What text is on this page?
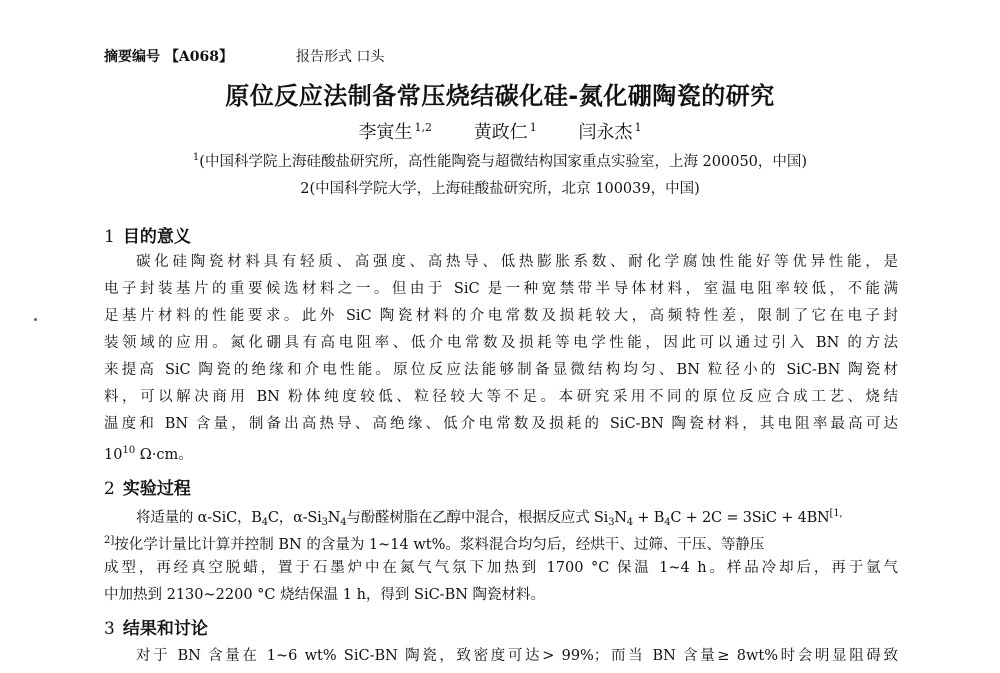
摘要编号 【A068】	报告形式 口头
原位反应法制备常压烧结碳化硅-氮化硼陶瓷的研究
李寅生 $^{1,2}$ 黄政仁 $^1$ 闫永杰 $^1$
$^1$(中国科学院上海硅酸盐研究所，高性能陶瓷与超微结构国家重点实验室，上海 200050，中国)
2(中国科学院大学，上海硅酸盐研究所，北京 100039，中国)
1 目的意义
碳化硅陶瓷材料具有轻质、高强度、高热导、低热膨胀系数、耐化学腐蚀性能好等优异性能，是
电子封装基片的重要候选材料之一。但由于 SiC 是一种宽禁带半导体材料，室温电阻率较低，不能满
足基片材料的性能要求。此外 SiC 陶瓷材料的介电常数及损耗较大，高频特性差，限制了它在电子封
装领域的应用。氮化硼具有高电阻率、低介电常数及损耗等电学性能，因此可以通过引入 BN 的方法
来提高 SiC 陶瓷的绝缘和介电性能。原位反应法能够制备显微结构均匀、BN 粒径小的 SiC-BN 陶瓷材
料，可以解决商用 BN 粉体纯度较低、粒径较大等不足。本研究采用不同的原位反应合成工艺、烧结
温度和 BN 含量，制备出高热导、高绝缘、低介电常数及损耗的 SiC-BN 陶瓷材料，其电阻率最高可达
$10^{10}$ Ω·cm。
2 实验过程
将适量的 α-SiC，$B_4C$，$\alpha-Si_3N_4$与酚醛树脂在乙醇中混合，根据反应式 $Si_3N_4 + B_4C + 2C = 3SiC + 4BN^{[1,}$
$^{2]}$按化学计量比计算并控制 BN 的含量为 1~14 wt%。浆料混合均匀后，经烘干、过筛、干压、等静压
成型，再经真空脱蜡，置于石墨炉中在氮气气氛下加热到 1700 °C 保温 1~4 h。样品冷却后，再于氩气
中加热到 2130~2200 °C 烧结保温 1 h，得到 SiC-BN 陶瓷材料。
3 结果和讨论
对于 BN 含量在 1~6 wt% SiC-BN 陶瓷，致密度可达> 99%；而当 BN 含量≥ 8wt%时会明显阻碍致
